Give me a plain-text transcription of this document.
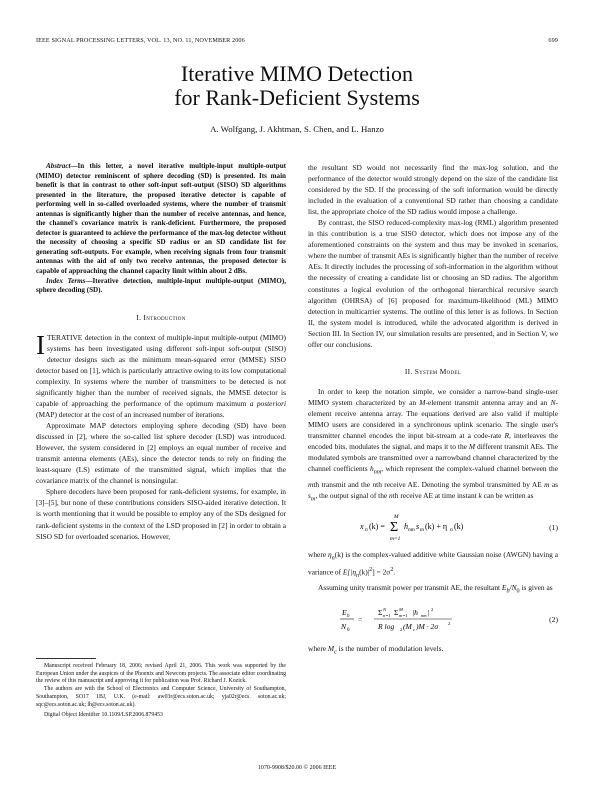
IEEE SIGNAL PROCESSING LETTERS, VOL. 13, NO. 11, NOVEMBER 2006	699
Iterative MIMO Detection
for Rank-Deficient Systems
A. Wolfgang, J. Akhtman, S. Chen, and L. Hanzo

Abstract—In this letter, a novel iterative multiple-input multiple-output (MIMO) detector reminiscent of sphere decoding (SD) is presented. Its main benefit is that in contrast to other soft-input soft-output (SISO) SD algorithms presented in the literature, the proposed iterative detector is capable of performing well in so-called overloaded systems, where the number of transmit antennas is significantly higher than the number of receive antennas, and hence, the channel's covariance matrix is rank-deficient. Furthermore, the proposed detector is guaranteed to achieve the performance of the max-log detector without the necessity of choosing a specific SD radius or an SD candidate list for generating soft-outputs. For example, when receiving signals from four transmit antennas with the aid of only two receive antennas, the proposed detector is capable of approaching the channel capacity limit within about 2 dBs.

Index Terms—Iterative detection, multiple-input multiple-output (MIMO), sphere decoding (SD).

I. Introduction

ITERATIVE detection in the context of multiple-input multiple-output (MIMO) systems has been investigated using different soft-input soft-output (SISO) detector designs such as the minimum mean-squared error (MMSE) SISO detector based on [1], which is particularly attractive owing to its low computational complexity. In systems where the number of transmitters to be detected is not significantly higher than the number of received signals, the MMSE detector is capable of approaching the performance of the optimum maximum a posteriori (MAP) detector at the cost of an increased number of iterations.

Approximate MAP detectors employing sphere decoding (SD) have been discussed in [2], where the so-called list sphere decoder (LSD) was introduced. However, the system considered in [2] employs an equal number of receive and transmit antenna elements (AEs), since the detector tends to rely on finding the least-square (LS) estimate of the transmitted signal, which implies that the covariance matrix of the channel is nonsingular.

Sphere decoders have been proposed for rank-deficient systems, for example, in [3]–[5], but none of these contributions considers SISO-aided iterative detection. It is worth mentioning that it would be possible to employ any of the SDs designed for rank-deficient systems in the context of the LSD proposed in [2] in order to obtain a SISO SD for overloaded scenarios. However,

Manuscript received February 18, 2006; revised April 21, 2006. This work was supported by the European Union under the auspices of the Phoenix and Newcom projects. The associate editor coordinating the review of this manuscript and approving it for publication was Prof. Richard J. Kozick.

The authors are with the School of Electronics and Computer Science, University of Southampton, Southampton, SO17 1BJ, U.K. (e-mail: aw03r@ecs.soton.ac.uk; yja02r@ecs. soton.ac.uk; sqc@ecs.soton.ac.uk; lh@ecs.soton.ac.uk).

Digital Object Identifier 10.1109/LSP.2006.879453

the resultant SD would not necessarily find the max-log solution, and the performance of the detector would strongly depend on the size of the candidate list considered by the SD. If the processing of the soft information would be directly included in the evaluation of a conventional SD rather than choosing a candidate list, the appropriate choice of the SD radius would impose a challenge.

By contrast, the SISO reduced-complexity max-log (RML) algorithm presented in this contribution is a true SISO detector, which does not impose any of the aforementioned constraints on the system and thus may be invoked in scenarios, where the number of transmit AEs is significantly higher than the number of receive AEs. It directly includes the processing of soft-information in the algorithm without the necessity of creating a candidate list or choosing an SD radius. The algorithm constitutes a logical evolution of the orthogonal hierarchical recursive search algorithm (OHRSA) of [6] proposed for maximum-likelihood (ML) MIMO detection in multicarrier systems. The outline of this letter is as follows. In Section II, the system model is introduced, while the advocated algorithm is derived in Section III. In Section IV, our simulation results are presented, and in Section V, we offer our conclusions.

II. System Model

In order to keep the notation simple, we consider a narrow-band single-user MIMO system characterized by an M-element transmit antenna array and an N-element receive antenna array. The equations derived are also valid if multiple MIMO users are considered in a synchronous uplink scenario. The single user's transmitter channel encodes the input bit-stream at a code-rate R, interleaves the encoded bits, modulates the signal, and maps it to the M different transmit AEs. The modulated symbols are transmitted over a narrowband channel characterized by the channel coefficients $h_{nm}$, which represent the complex-valued channel between the mth transmit and the nth receive AE. Denoting the symbol transmitted by AE m as $s_m$, the output signal of the nth receive AE at time instant k can be written as

x n (k) =
M
Σ
m=1
h nm s m (k) + η n (k)	(1)

where $\eta_n(k)$ is the complex-valued additive white Gaussian noise (AWGN) having a variance of $E[|\eta_n(k)|^2] = 2\sigma^2$.

Assuming unity transmit power per transmit AE, the resultant $E_b/N_0$ is given as

E b
N 0
=
Σ N
n=1 Σ M
m=1 |h nm | 2
R log 2 (M c )M · 2σ 2	(2)

where $M_c$ is the number of modulation levels.

1070-9908/$20.00 © 2006 IEEE
